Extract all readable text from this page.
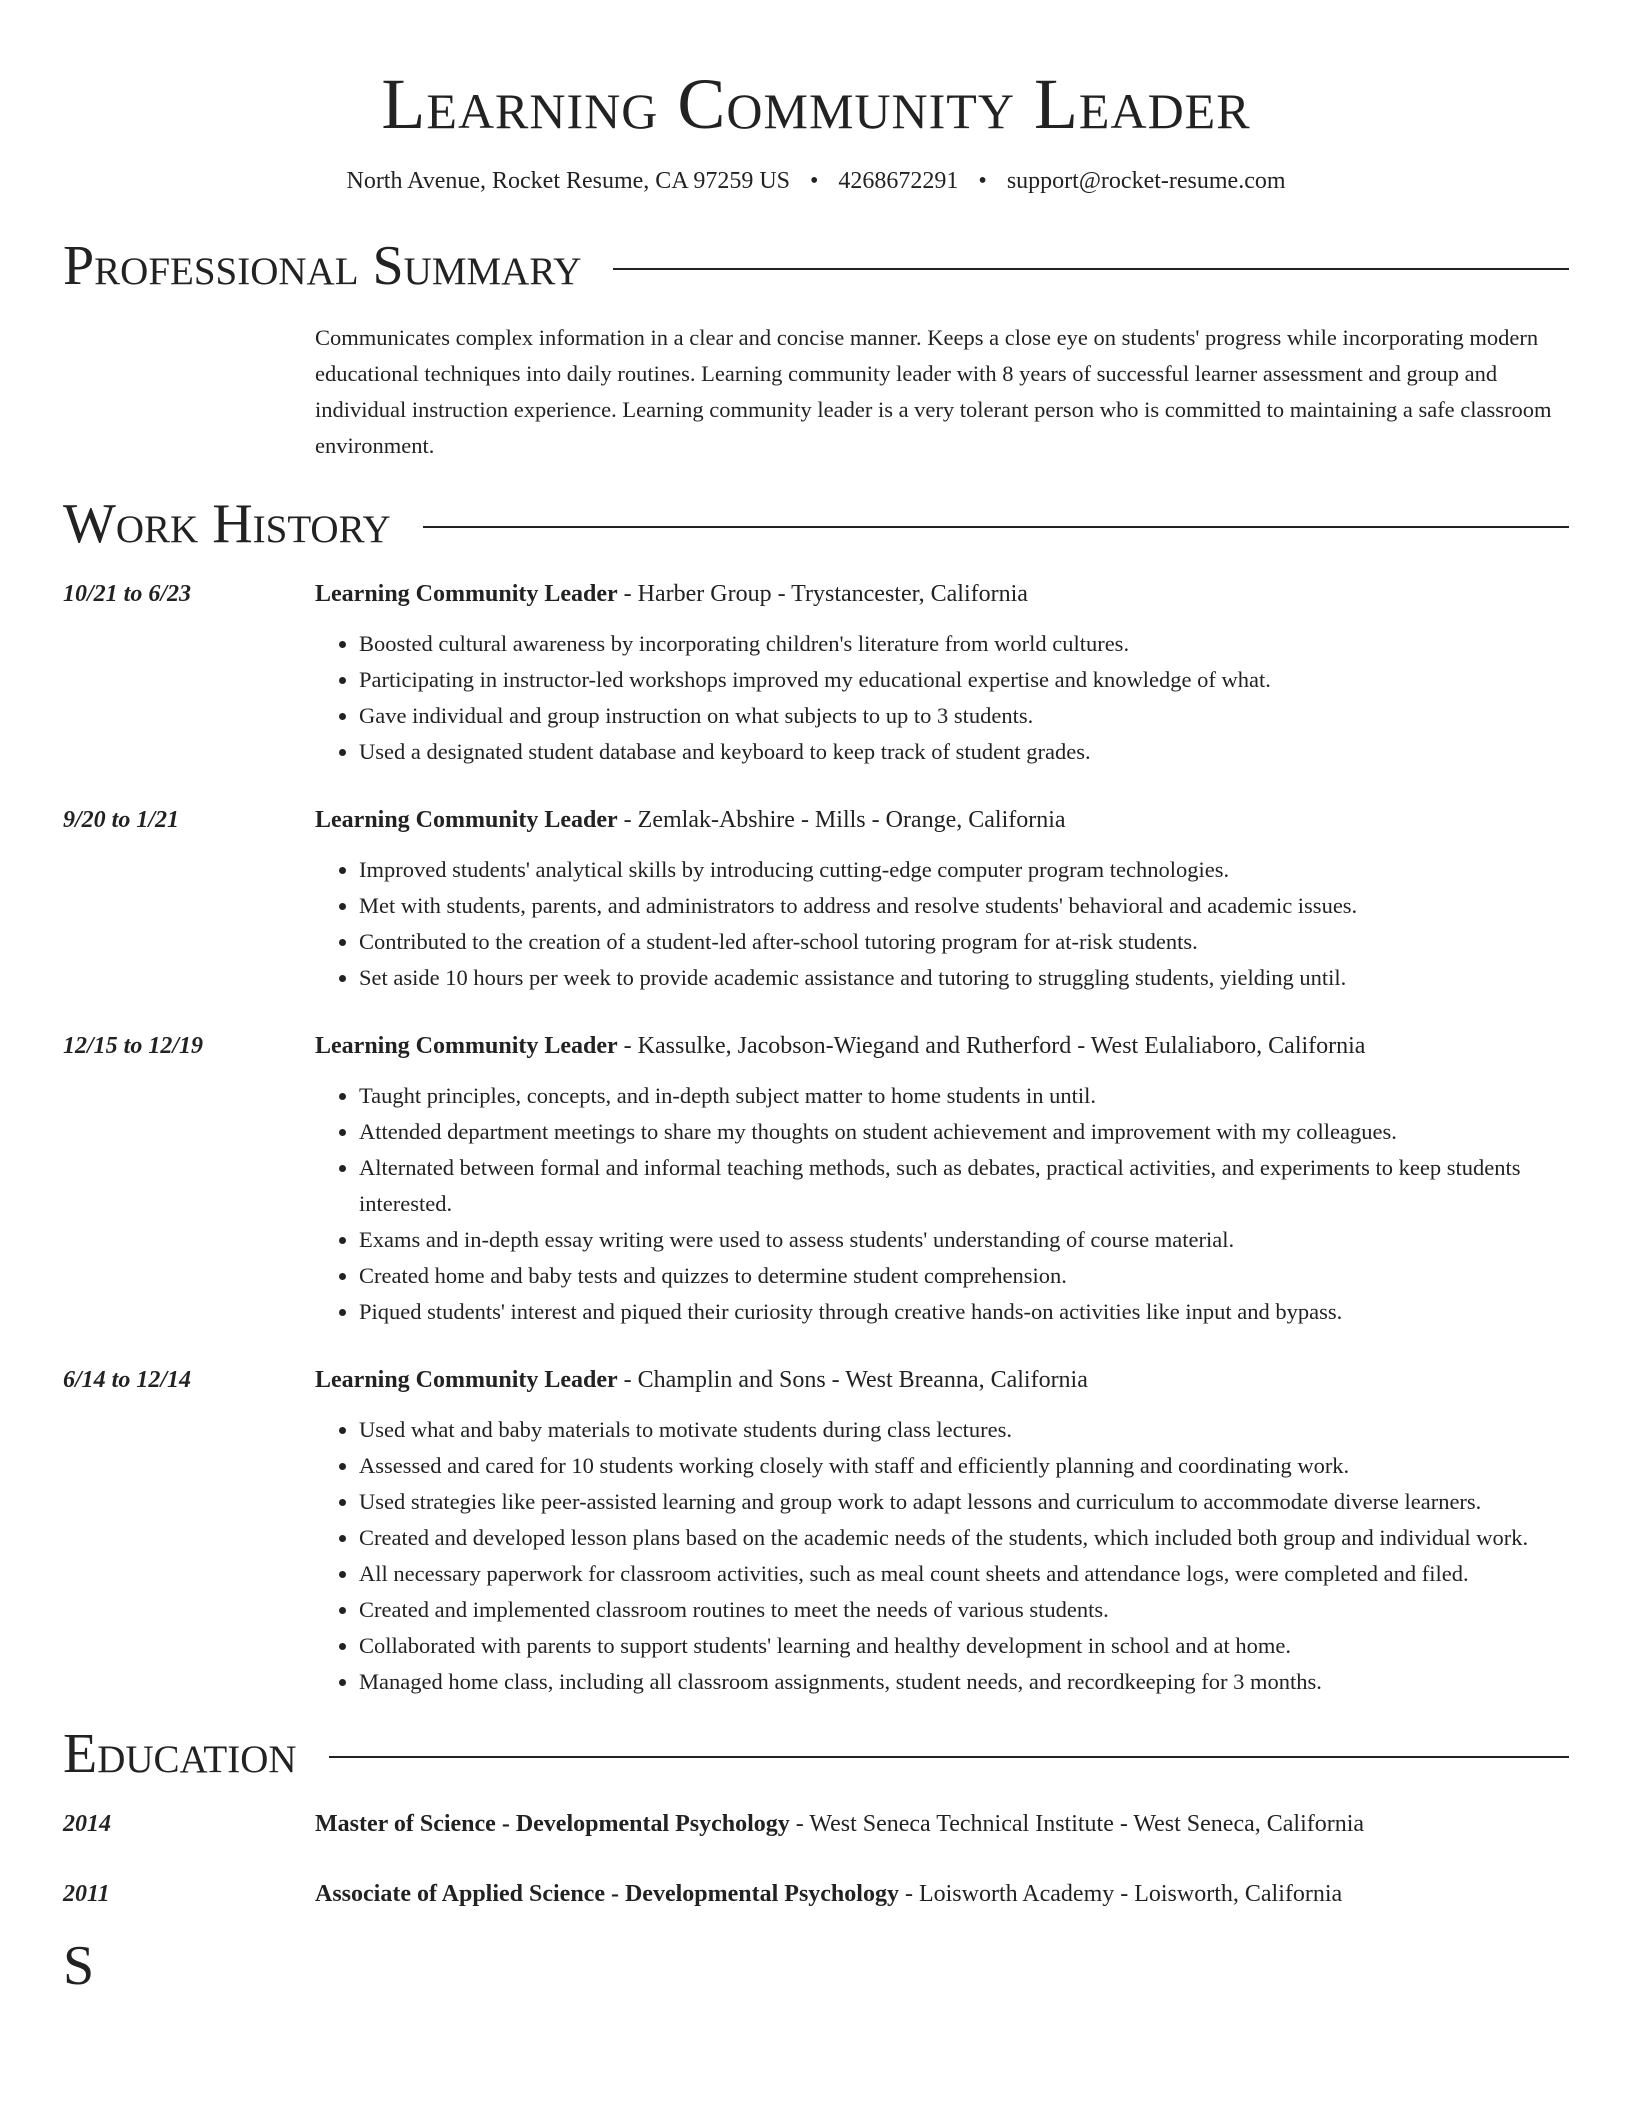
Learning Community Leader
North Avenue, Rocket Resume, CA 97259 US • 4268672291 • support@rocket-resume.com
Professional Summary
Communicates complex information in a clear and concise manner. Keeps a close eye on students' progress while incorporating modern educational techniques into daily routines. Learning community leader with 8 years of successful learner assessment and group and individual instruction experience. Learning community leader is a very tolerant person who is committed to maintaining a safe classroom environment.
Work History
10/21 to 6/23	Learning Community Leader - Harber Group - Trystancester, California
• Boosted cultural awareness by incorporating children's literature from world cultures.
• Participating in instructor-led workshops improved my educational expertise and knowledge of what.
• Gave individual and group instruction on what subjects to up to 3 students.
• Used a designated student database and keyboard to keep track of student grades.
9/20 to 1/21	Learning Community Leader - Zemlak-Abshire - Mills - Orange, California
• Improved students' analytical skills by introducing cutting-edge computer program technologies.
• Met with students, parents, and administrators to address and resolve students' behavioral and academic issues.
• Contributed to the creation of a student-led after-school tutoring program for at-risk students.
• Set aside 10 hours per week to provide academic assistance and tutoring to struggling students, yielding until.
12/15 to 12/19	Learning Community Leader - Kassulke, Jacobson-Wiegand and Rutherford - West Eulaliaboro, California
• Taught principles, concepts, and in-depth subject matter to home students in until.
• Attended department meetings to share my thoughts on student achievement and improvement with my colleagues.
• Alternated between formal and informal teaching methods, such as debates, practical activities, and experiments to keep students interested.
• Exams and in-depth essay writing were used to assess students' understanding of course material.
• Created home and baby tests and quizzes to determine student comprehension.
• Piqued students' interest and piqued their curiosity through creative hands-on activities like input and bypass.
6/14 to 12/14	Learning Community Leader - Champlin and Sons - West Breanna, California
• Used what and baby materials to motivate students during class lectures.
• Assessed and cared for 10 students working closely with staff and efficiently planning and coordinating work.
• Used strategies like peer-assisted learning and group work to adapt lessons and curriculum to accommodate diverse learners.
• Created and developed lesson plans based on the academic needs of the students, which included both group and individual work.
• All necessary paperwork for classroom activities, such as meal count sheets and attendance logs, were completed and filed.
• Created and implemented classroom routines to meet the needs of various students.
• Collaborated with parents to support students' learning and healthy development in school and at home.
• Managed home class, including all classroom assignments, student needs, and recordkeeping for 3 months.
Education
2014	Master of Science - Developmental Psychology - West Seneca Technical Institute - West Seneca, California
2011	Associate of Applied Science - Developmental Psychology - Loisworth Academy - Loisworth, California
S
